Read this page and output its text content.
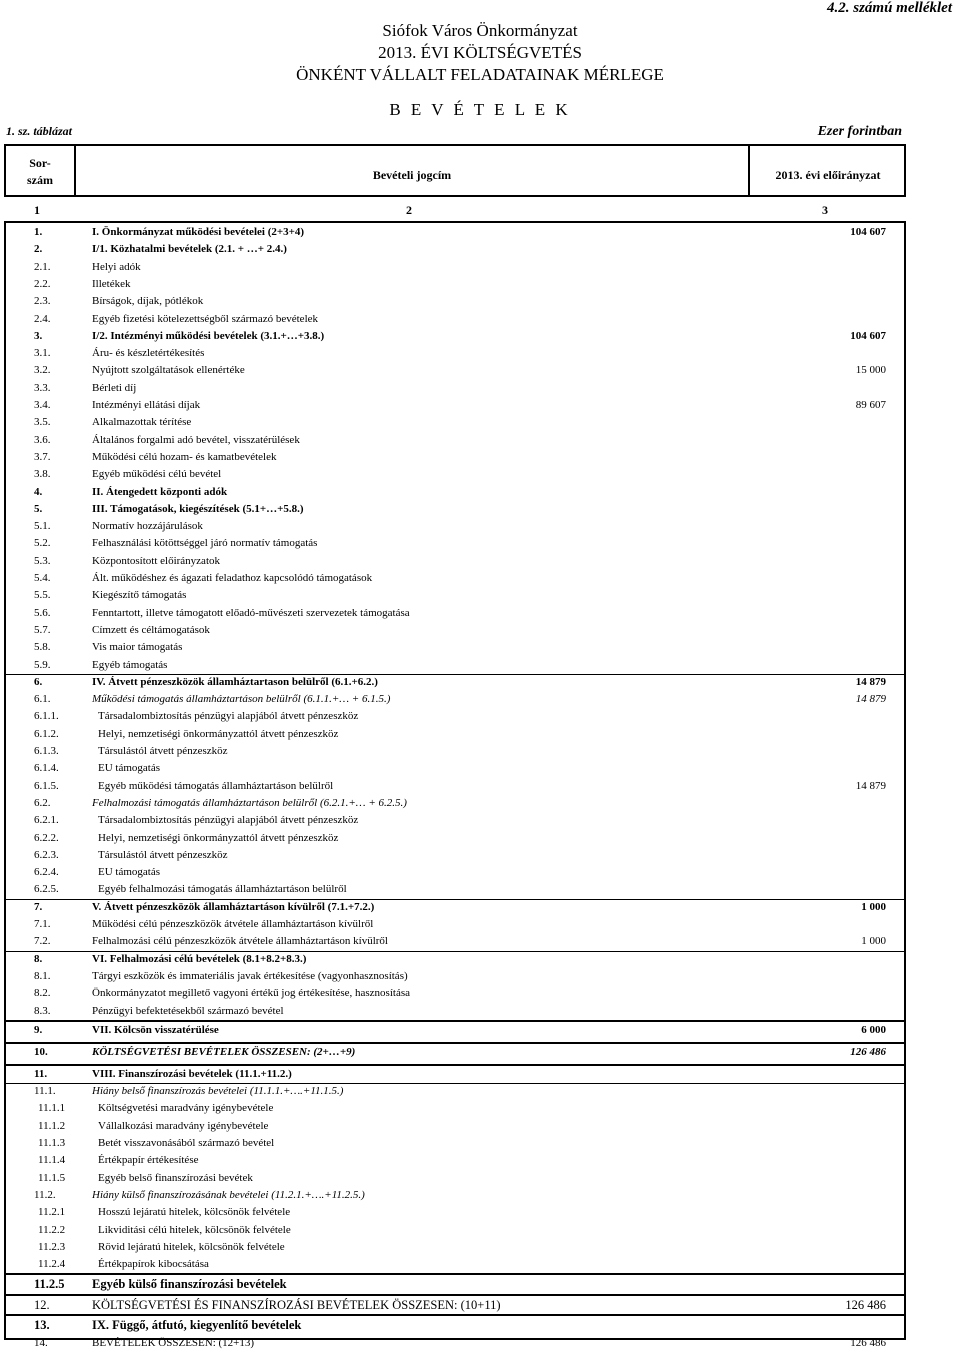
Siófok Város Önkormányzat
2013. ÉVI KÖLTSÉGVETÉS
ÖNKÉNT VÁLLALT FELADATAINAK MÉRLEGE
B E V É T E L E K
4.2. számú melléklet
1. sz. táblázat	Ezer forintban
Sor-
szám	Bevételi jogcím	2013. évi előirányzat
1	2	3
1.	I. Önkormányzat működési bevételei (2+3+4)	104 607
2.	I/1. Közhatalmi bevételek (2.1. + …+ 2.4.)
2.1.	Helyi adók
2.2.	Illetékek
2.3.	Bírságok, díjak, pótlékok
2.4.	Egyéb fizetési kötelezettségből származó bevételek
3.	I/2. Intézményi működési bevételek (3.1.+…+3.8.)	104 607
3.1.	Áru- és készletértékesítés
3.2.	Nyújtott szolgáltatások ellenértéke	15 000
3.3.	Bérleti díj
3.4.	Intézményi ellátási díjak	89 607
3.5.	Alkalmazottak térítése
3.6.	Általános forgalmi adó bevétel, visszatérülések
3.7.	Működési célú hozam- és kamatbevételek
3.8.	Egyéb működési célú bevétel
4.	II. Átengedett központi adók
5.	III. Támogatások, kiegészítések (5.1+…+5.8.)
5.1.	Normatív hozzájárulások
5.2.	Felhasználási kötöttséggel járó normatív támogatás
5.3.	Központosított előirányzatok
5.4.	Ált. működéshez és ágazati feladathoz kapcsolódó támogatások
5.5.	Kiegészítő támogatás
5.6.	Fenntartott, illetve támogatott előadó-művészeti szervezetek támogatása
5.7.	Címzett és céltámogatások
5.8.	Vis maior támogatás
5.9.	Egyéb támogatás
6.	IV. Átvett pénzeszközök államháztartason belülről (6.1.+6.2.)	14 879
6.1.	Működési támogatás államháztartáson belülről (6.1.1.+… + 6.1.5.)	14 879
6.1.1.	Társadalombiztosítás pénzügyi alapjából átvett pénzeszköz
6.1.2.	Helyi, nemzetiségi önkormányzattól átvett pénzeszköz
6.1.3.	Társulástól átvett pénzeszköz
6.1.4.	EU támogatás
6.1.5.	Egyéb működési támogatás államháztartáson belülről	14 879
6.2.	Felhalmozási támogatás államháztartáson belülről (6.2.1.+… + 6.2.5.)
6.2.1.	Társadalombiztosítás pénzügyi alapjából átvett pénzeszköz
6.2.2.	Helyi, nemzetiségi önkormányzattól átvett pénzeszköz
6.2.3.	Társulástól átvett pénzeszköz
6.2.4.	EU támogatás
6.2.5.	Egyéb felhalmozási támogatás államháztartáson belülről
7.	V. Átvett pénzeszközök államháztartáson kívülről (7.1.+7.2.)	1 000
7.1.	Működési célú pénzeszközök átvétele államháztartáson kívülről
7.2.	Felhalmozási célú pénzeszközök átvétele államháztartáson kívülről	1 000
8.	VI. Felhalmozási célú bevételek (8.1+8.2+8.3.)
8.1.	Tárgyi eszközök és immateriális javak értékesítése (vagyonhasznosítás)
8.2.	Önkormányzatot megillető vagyoni értékű jog értékesítése, hasznosítása
8.3.	Pénzügyi befektetésekből származó bevétel
9.	VII. Kölcsön visszatérülése	6 000
10.	KÖLTSÉGVETÉSI BEVÉTELEK ÖSSZESEN: (2+…+9)	126 486
11.	VIII. Finanszírozási bevételek (11.1.+11.2.)
11.1.	Hiány belső finanszírozás bevételei (11.1.1.+….+11.1.5.)
11.1.1	Költségvetési maradvány igénybevétele
11.1.2	Vállalkozási maradvány igénybevétele
11.1.3	Betét visszavonásából származó bevétel
11.1.4	Értékpapír értékesítése
11.1.5	Egyéb belső finanszírozási bevétek
11.2.	Hiány külső finanszírozásának bevételei (11.2.1.+….+11.2.5.)
11.2.1	Hosszú lejáratú hitelek, kölcsönök felvétele
11.2.2	Likviditási célú hitelek, kölcsönök felvétele
11.2.3	Rövid lejáratú hitelek, kölcsönök felvétele
11.2.4	Értékpapírok kibocsátása
11.2.5 Egyéb külső finanszírozási bevételek
12.	KÖLTSÉGVETÉSI ÉS FINANSZÍROZÁSI BEVÉTELEK ÖSSZESEN: (10+11)	126 486
13.	IX. Függő, átfutó, kiegyenlítő bevételek
14.	BEVÉTELEK ÖSSZESEN: (12+13)	126 486
